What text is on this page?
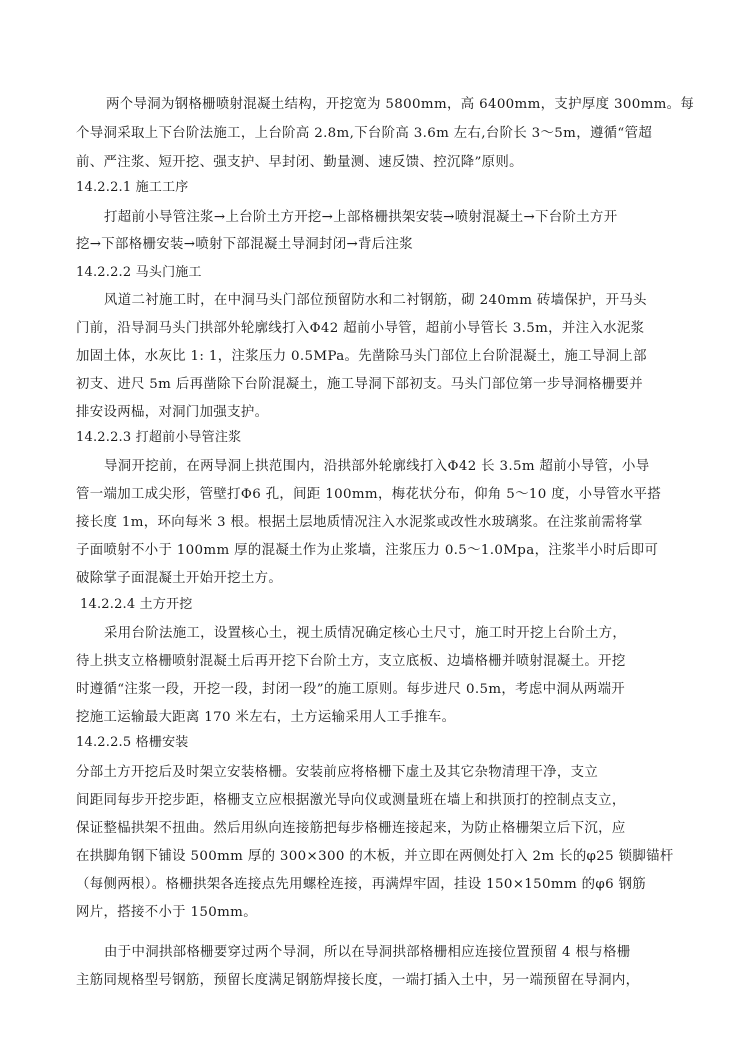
两个导洞为钢格栅喷射混凝土结构，开挖宽为 5800mm，高 6400mm，支护厚度 300mm。每
个导洞采取上下台阶法施工，上台阶高 2.8m,下台阶高 3.6m 左右,台阶长 3～5m，遵循“管超
前、严注浆、短开挖、强支护、早封闭、勤量测、速反馈、控沉降”原则。
14.2.2.1 施工工序
打超前小导管注浆→上台阶土方开挖→上部格栅拱架安装→喷射混凝土→下台阶土方开
挖→下部格栅安装→喷射下部混凝土导洞封闭→背后注浆
14.2.2.2 马头门施工
风道二衬施工时，在中洞马头门部位预留防水和二衬钢筋，砌 240mm 砖墙保护，开马头
门前，沿导洞马头门拱部外轮廓线打入Φ42 超前小导管，超前小导管长 3.5m，并注入水泥浆
加固土体，水灰比 1: 1，注浆压力 0.5MPa。先凿除马头门部位上台阶混凝土，施工导洞上部
初支、进尺 5m 后再凿除下台阶混凝土，施工导洞下部初支。马头门部位第一步导洞格栅要并
排安设两榀，对洞门加强支护。
14.2.2.3 打超前小导管注浆
导洞开挖前，在两导洞上拱范围内，沿拱部外轮廓线打入Φ42 长 3.5m 超前小导管，小导
管一端加工成尖形，管壁打Φ6 孔，间距 100mm，梅花状分布，仰角 5～10 度，小导管水平搭
接长度 1m，环向每米 3 根。根据土层地质情况注入水泥浆或改性水玻璃浆。在注浆前需将掌
子面喷射不小于 100mm 厚的混凝土作为止浆墙，注浆压力 0.5～1.0Mpa，注浆半小时后即可
破除掌子面混凝土开始开挖土方。
14.2.2.4 土方开挖
采用台阶法施工，设置核心土，视土质情况确定核心土尺寸，施工时开挖上台阶土方，
待上拱支立格栅喷射混凝土后再开挖下台阶土方，支立底板、边墙格栅并喷射混凝土。开挖
时遵循“注浆一段，开挖一段，封闭一段”的施工原则。每步进尺 0.5m，考虑中洞从两端开
挖施工运输最大距离 170 米左右，土方运输采用人工手推车。
14.2.2.5 格栅安装
分部土方开挖后及时架立安装格栅。安装前应将格栅下虚土及其它杂物清理干净，支立
间距同每步开挖步距，格栅支立应根据激光导向仪或测量班在墙上和拱顶打的控制点支立，
保证整榀拱架不扭曲。然后用纵向连接筋把每步格栅连接起来，为防止格栅架立后下沉，应
在拱脚角钢下铺设 500mm 厚的 300×300 的木板，并立即在两侧处打入 2m 长的φ25 锁脚锚杆
（每侧两根）。格栅拱架各连接点先用螺栓连接，再满焊牢固，挂设 150×150mm 的φ6 钢筋
网片，搭接不小于 150mm。
由于中洞拱部格栅要穿过两个导洞，所以在导洞拱部格栅相应连接位置预留 4 根与格栅
主筋同规格型号钢筋，预留长度满足钢筋焊接长度，一端打插入土中，另一端预留在导洞内，
